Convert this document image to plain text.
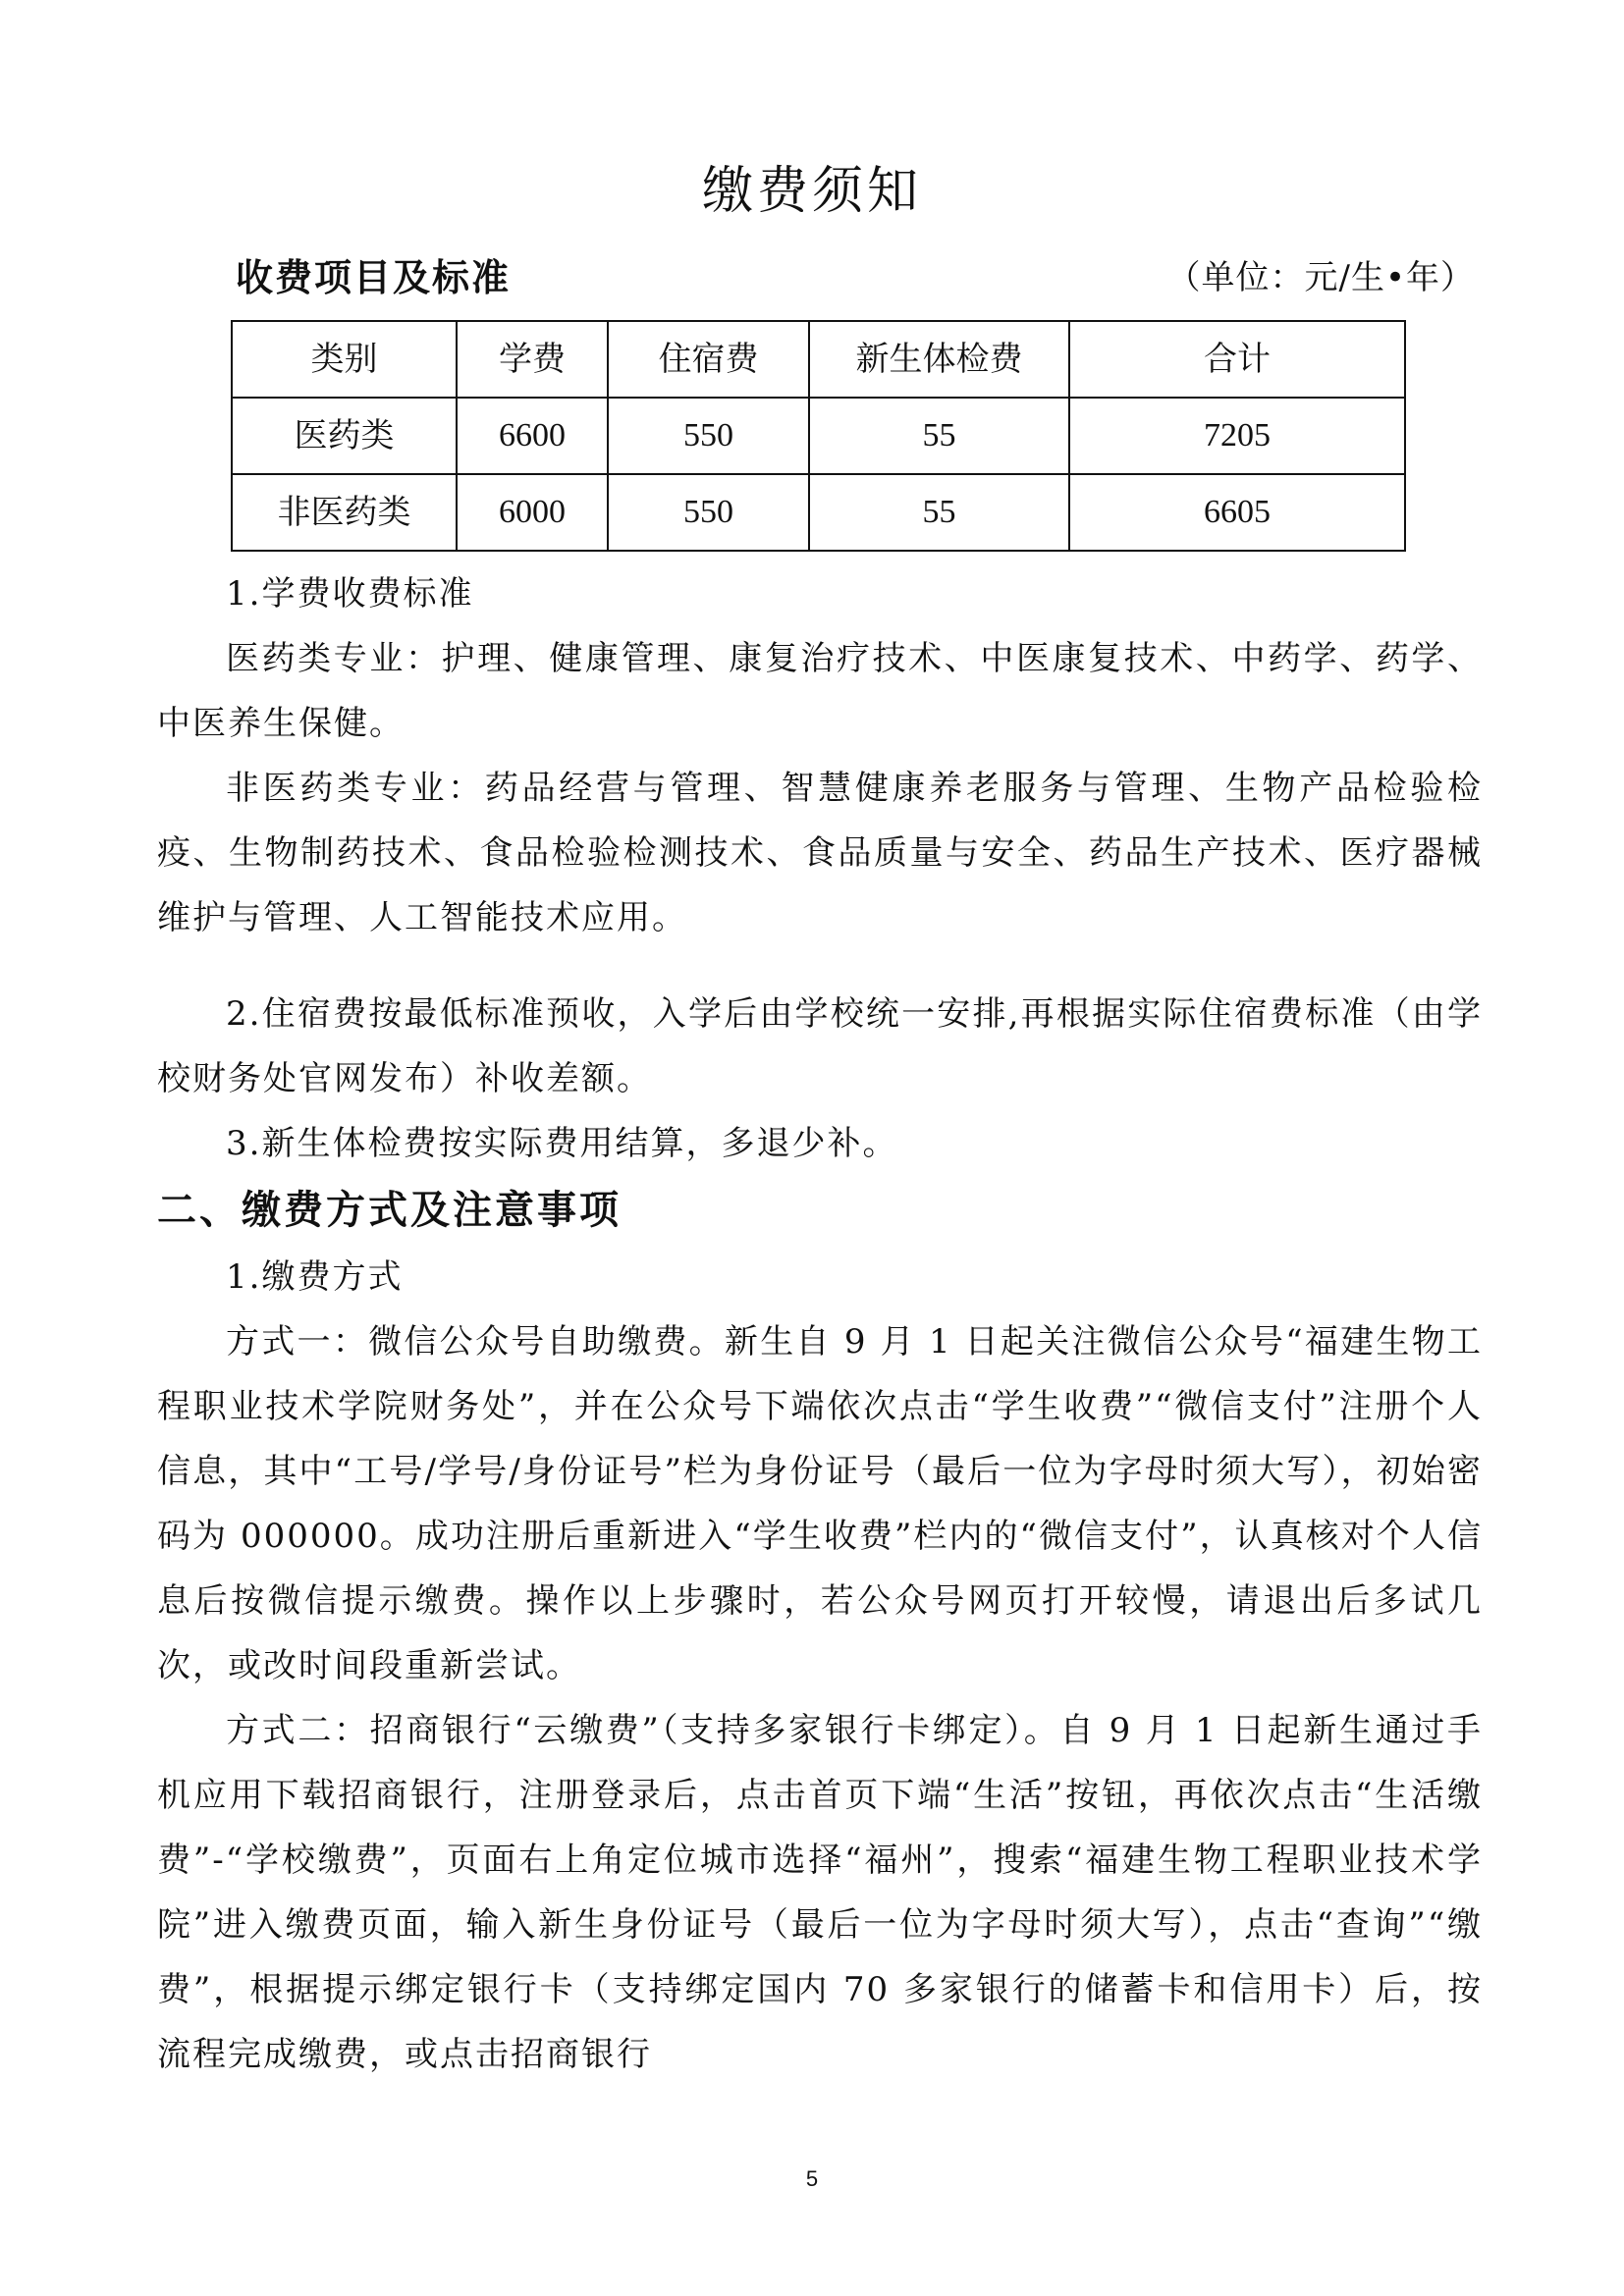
缴费须知
收费项目及标准	（单位：元/生•年）
类别	学费	住宿费	新生体检费	合计
医药类	6600	550	55	7205
非医药类	6000	550	55	6605
1.学费收费标准
医药类专业：护理、健康管理、康复治疗技术、中医康复技术、中药学、药学、中医养生保健。
非医药类专业：药品经营与管理、智慧健康养老服务与管理、生物产品检验检疫、生物制药技术、食品检验检测技术、食品质量与安全、药品生产技术、医疗器械维护与管理、人工智能技术应用。
2.住宿费按最低标准预收，入学后由学校统一安排,再根据实际住宿费标准（由学校财务处官网发布）补收差额。
3.新生体检费按实际费用结算，多退少补。
二、缴费方式及注意事项
1.缴费方式
方式一：微信公众号自助缴费。新生自 9 月 1 日起关注微信公众号“福建生物工程职业技术学院财务处”，并在公众号下端依次点击“学生收费”“微信支付”注册个人信息，其中“工号/学号/身份证号”栏为身份证号（最后一位为字母时须大写），初始密码为 000000。成功注册后重新进入“学生收费”栏内的“微信支付”，认真核对个人信息后按微信提示缴费。操作以上步骤时，若公众号网页打开较慢，请退出后多试几次，或改时间段重新尝试。
方式二：招商银行“云缴费”（支持多家银行卡绑定）。自 9 月 1 日起新生通过手机应用下载招商银行，注册登录后，点击首页下端“生活”按钮，再依次点击“生活缴费”-“学校缴费”，页面右上角定位城市选择“福州”，搜索“福建生物工程职业技术学院”进入缴费页面，输入新生身份证号（最后一位为字母时须大写），点击“查询”“缴费”，根据提示绑定银行卡（支持绑定国内 70 多家银行的储蓄卡和信用卡）后，按流程完成缴费，或点击招商银行
5
